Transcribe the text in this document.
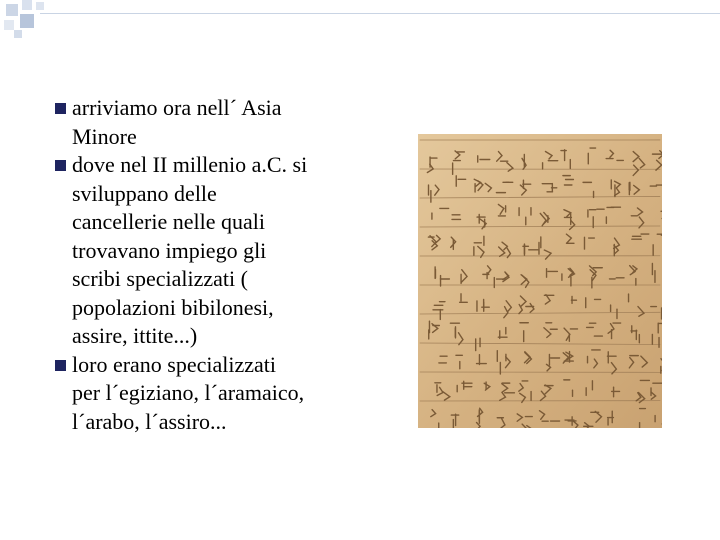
arriviamo ora nell´ Asia
Minore
dove nel II millenio a.C. si
sviluppano delle
cancellerie nelle quali
trovavano impiego gli
scribi specializzati (
popolazioni bibilonesi,
assire, ittite...)
loro erano specializzati
per l´egiziano, l´aramaico,
l´arabo, l´assiro...
